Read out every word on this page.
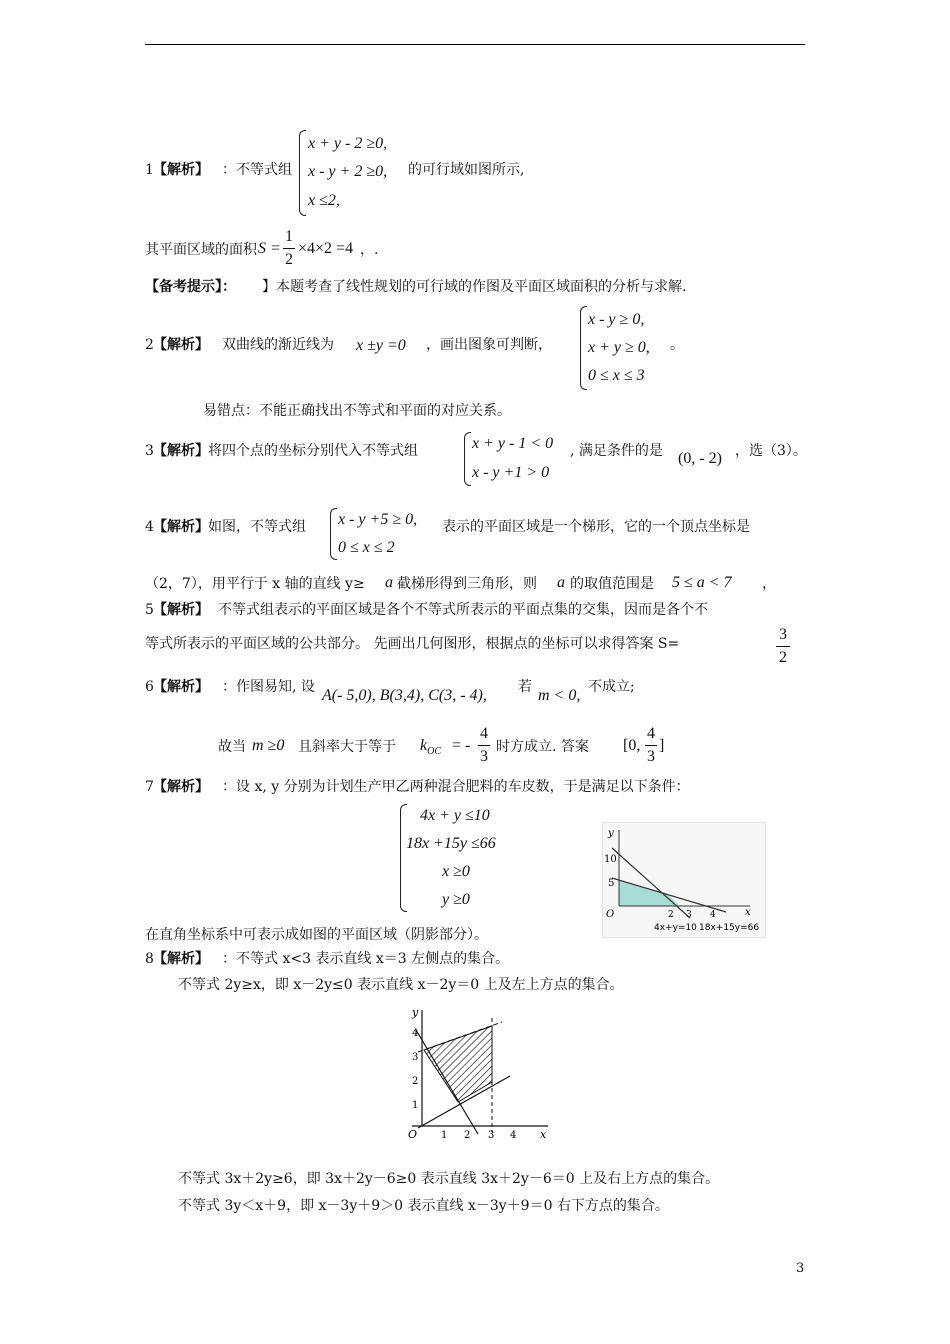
1 【解析】 ：不等式组
x + y - 2 ≥0,
x - y + 2 ≥0,
x ≤2,
的可行域如图所示,
其平面区域的面积 S =
1
2
×4×2 =4 ，.
【备考提示】： 】本题考查了线性规划的可行域的作图及平面区域面积的分析与求解.
2 【解析】 双曲线的渐近线为 x ±y =0 ，画出图象可判断，
x - y ≥ 0,
x + y ≥ 0,
0 ≤ x ≤ 3
。
易错点：不能正确找出不等式和平面的对应关系。
3 【解析】 将四个点的坐标分别代入不等式组	x + y - 1 < 0
x - y +1 > 0
, 满足条件的是 (0, - 2) ，选（3）。
4 【解析】 如图，不等式组 x - y +5 ≥ 0,
0 ≤ x ≤ 2
表示的平面区域是一个梯形，它的一个顶点坐标是
（2，7），用平行于 x 轴的直线 y≥ a 截梯形得到三角形，则 a 的取值范围是 5 ≤ a < 7 ，
5 【解析】 不等式组表示的平面区域是各个不等式所表示的平面点集的交集，因而是各个不
等式所表示的平面区域的公共部分。 先画出几何图形，根据点的坐标可以求得答案 S=
3
2
6 【解析】 ：作图易知, 设 A(- 5,0), B(3,4), C(3, - 4), 若 m < 0, 不成立;
故当 m ≥0 且斜率大于等于 $k_{OC}$ = -
4
3
时方成立. 答案 [0,
4
3
]
7 【解析】 ：设 x, y 分别为计划生产甲乙两种混合肥料的车皮数，于是满足以下条件：
4x + y ≤10
18x +15y ≤66
x ≥0
y ≥0
在直角坐标系中可表示成如图的平面区域（阴影部分）。
y
x
O
10
5
2 3 4
4x+y=10 18x+15y=66
8 【解析】 ：不等式 x<3 表示直线 x＝3 左侧点的集合。
不等式 2y≥x，即 x－2y≤0 表示直线 x－2y＝0 上及左上方点的集合。
y
x
O 1 2 3 4
1
2
3
4
不等式 3x＋2y≥6，即 3x＋2y－6≥0 表示直线 3x＋2y－6＝0 上及右上方点的集合。
不等式 3y＜x＋9，即 x－3y＋9＞0 表示直线 x－3y＋9＝0 右下方点的集合。
3
